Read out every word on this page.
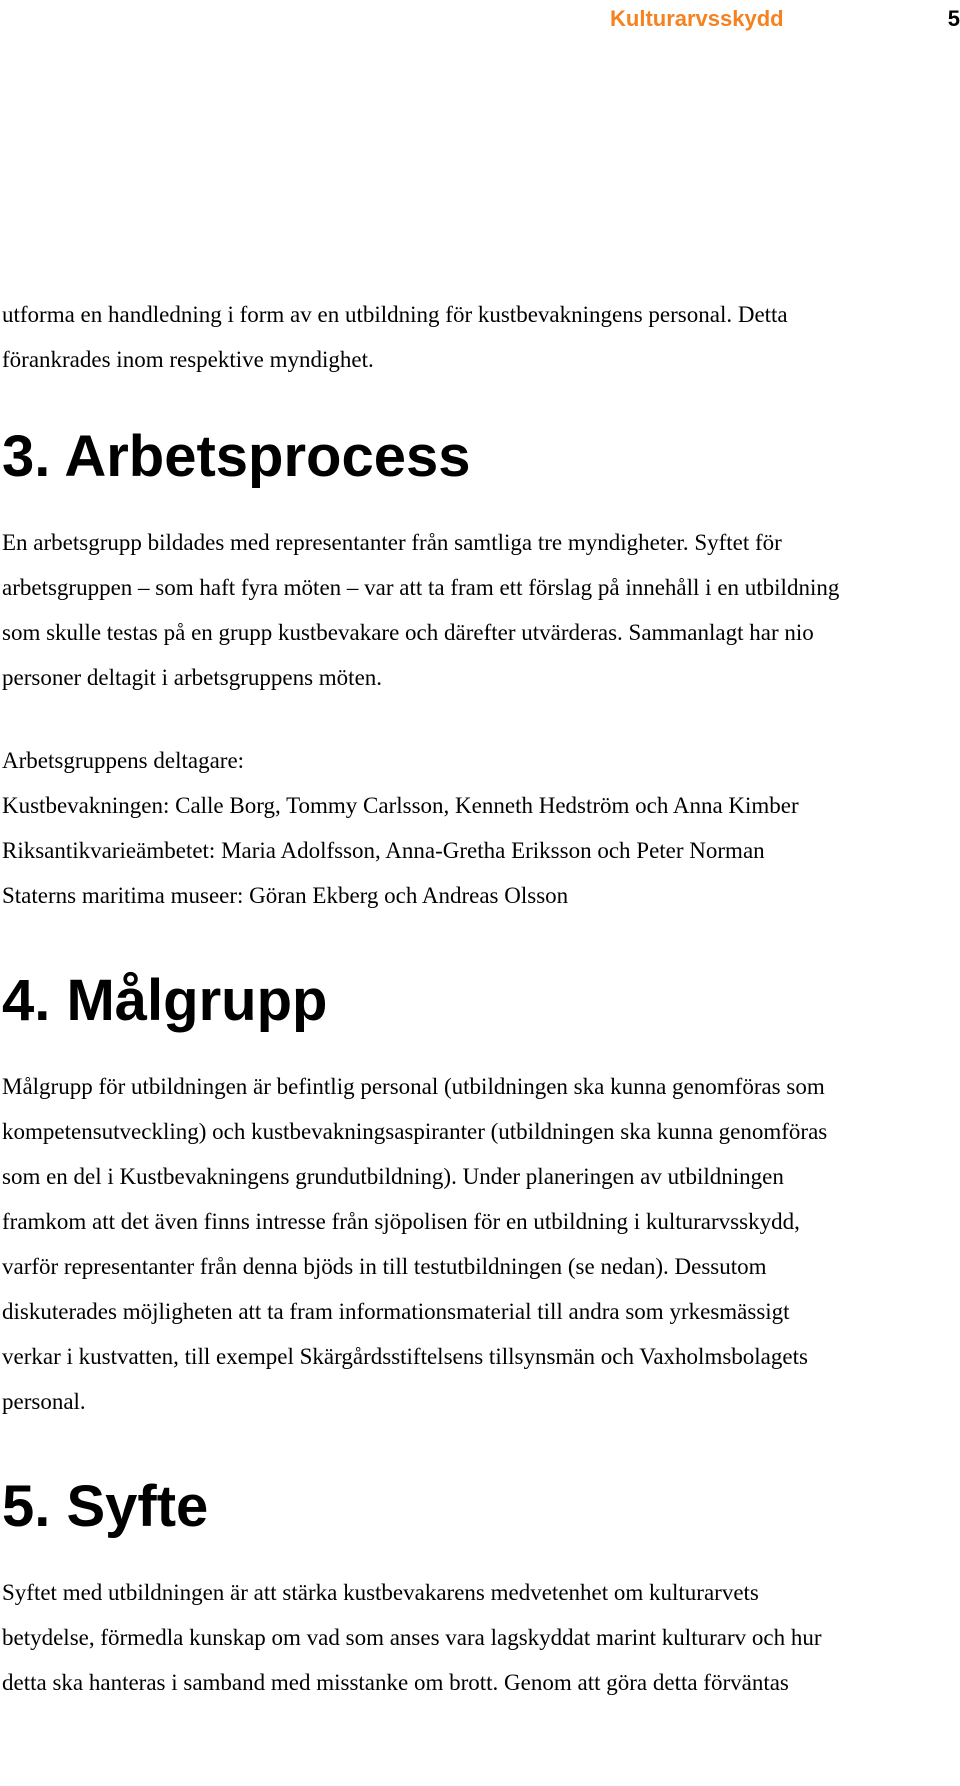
Kulturarvsskydd	5

utforma en handledning i form av en utbildning för kustbevakningens personal. Detta

förankrades inom respektive myndighet.

3. Arbetsprocess

En arbetsgrupp bildades med representanter från samtliga tre myndigheter. Syftet för

arbetsgruppen – som haft fyra möten – var att ta fram ett förslag på innehåll i en utbildning

som skulle testas på en grupp kustbevakare och därefter utvärderas. Sammanlagt har nio

personer deltagit i arbetsgruppens möten.

Arbetsgruppens deltagare:

Kustbevakningen: Calle Borg, Tommy Carlsson, Kenneth Hedström och Anna Kimber

Riksantikvarieämbetet: Maria Adolfsson, Anna-Gretha Eriksson och Peter Norman

Staterns maritima museer: Göran Ekberg och Andreas Olsson

4. Målgrupp

Målgrupp för utbildningen är befintlig personal (utbildningen ska kunna genomföras som

kompetensutveckling) och kustbevakningsaspiranter (utbildningen ska kunna genomföras

som en del i Kustbevakningens grundutbildning). Under planeringen av utbildningen

framkom att det även finns intresse från sjöpolisen för en utbildning i kulturarvsskydd,

varför representanter från denna bjöds in till testutbildningen (se nedan). Dessutom

diskuterades möjligheten att ta fram informationsmaterial till andra som yrkesmässigt

verkar i kustvatten, till exempel Skärgårdsstiftelsens tillsynsmän och Vaxholmsbolagets

personal.

5. Syfte

Syftet med utbildningen är att stärka kustbevakarens medvetenhet om kulturarvets

betydelse, förmedla kunskap om vad som anses vara lagskyddat marint kulturarv och hur

detta ska hanteras i samband med misstanke om brott. Genom att göra detta förväntas
